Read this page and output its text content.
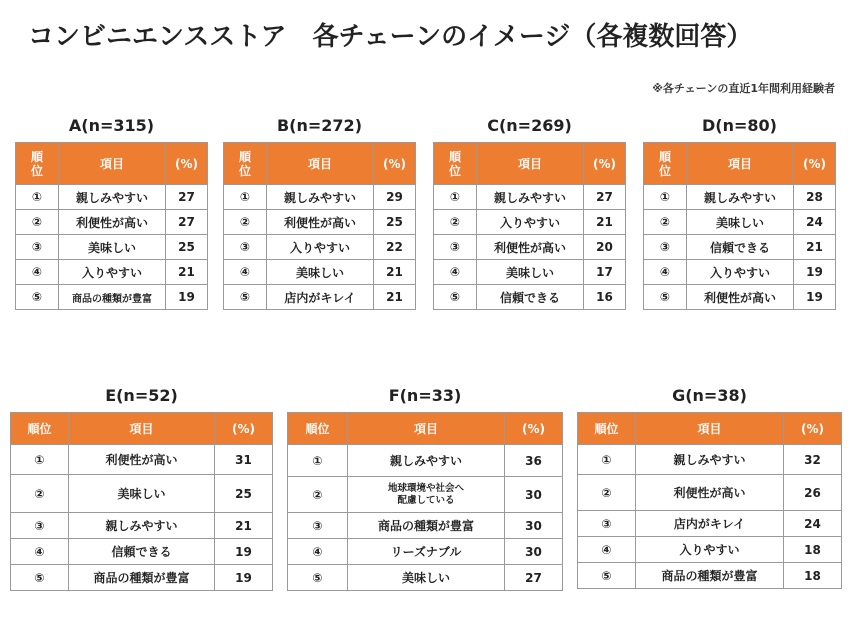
コンビニエンスストア　各チェーンのイメージ（各複数回答）
※各チェーンの直近1年間利用経験者
A(n=315)
順
位	項目	(%)
①	親しみやすい	27
②	利便性が高い	27
③	美味しい	25
④	入りやすい	21
⑤	商品の種類が豊富	19
B(n=272)
順
位	項目	(%)
①	親しみやすい	29
②	利便性が高い	25
③	入りやすい	22
④	美味しい	21
⑤	店内がキレイ	21
C(n=269)
順
位	項目	(%)
①	親しみやすい	27
②	入りやすい	21
③	利便性が高い	20
④	美味しい	17
⑤	信頼できる	16
D(n=80)
順
位	項目	(%)
①	親しみやすい	28
②	美味しい	24
③	信頼できる	21
④	入りやすい	19
⑤	利便性が高い	19
E(n=52)
順位	項目	(%)
①	利便性が高い	31
②	美味しい	25
③	親しみやすい	21
④	信頼できる	19
⑤	商品の種類が豊富	19
F(n=33)
順位	項目	(%)
①	親しみやすい	36
②	地球環境や社会へ
配慮している	30
③	商品の種類が豊富	30
④	リーズナブル	30
⑤	美味しい	27
G(n=38)
順位	項目	(%)
①	親しみやすい	32
②	利便性が高い	26
③	店内がキレイ	24
④	入りやすい	18
⑤	商品の種類が豊富	18
